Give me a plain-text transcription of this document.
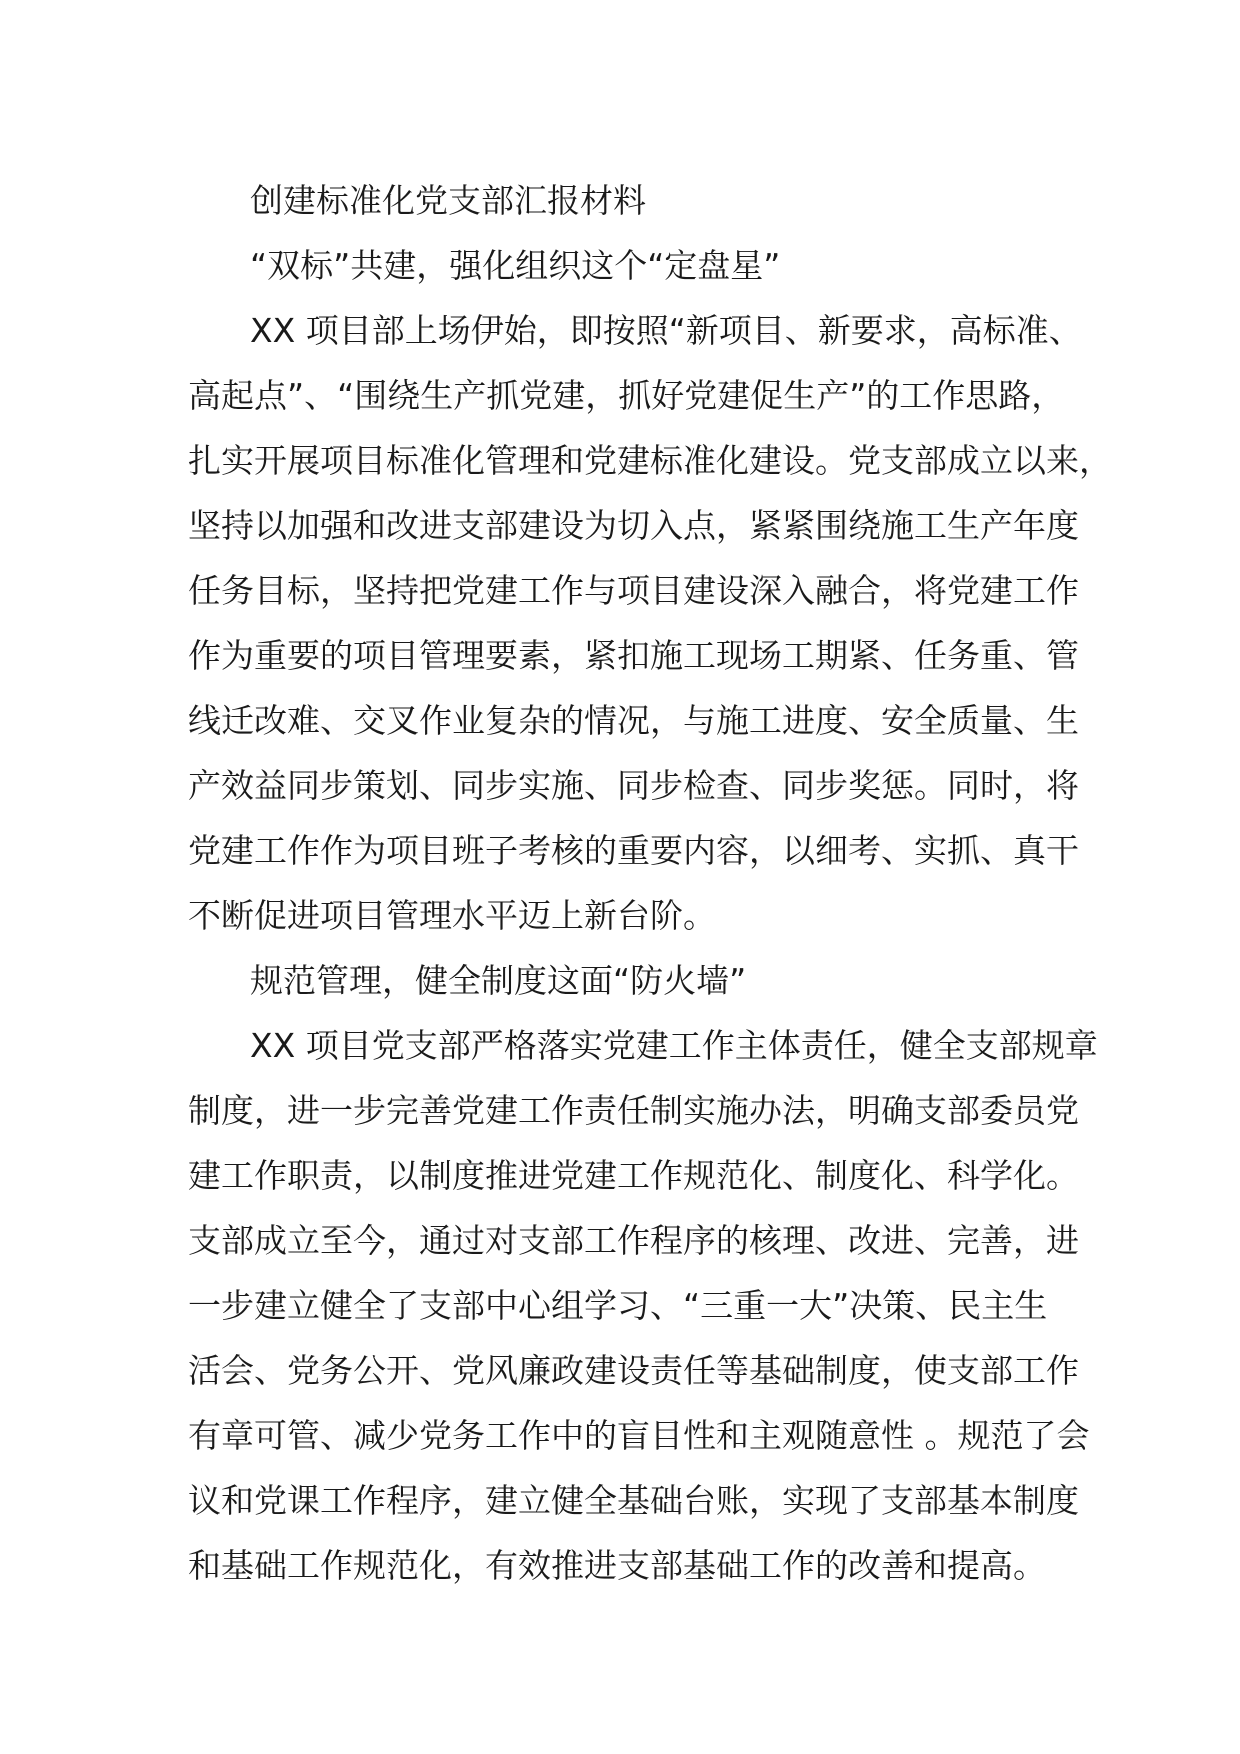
创建标准化党支部汇报材料
“双标”共建，强化组织这个“定盘星”
XX 项目部上场伊始，即按照“新项目、新要求，高标准、
高起点”、“围绕生产抓党建，抓好党建促生产”的工作思路，
扎实开展项目标准化管理和党建标准化建设。党支部成立以来，
坚持以加强和改进支部建设为切入点，紧紧围绕施工生产年度
任务目标，坚持把党建工作与项目建设深入融合，将党建工作
作为重要的项目管理要素，紧扣施工现场工期紧、任务重、管
线迁改难、交叉作业复杂的情况，与施工进度、安全质量、生
产效益同步策划、同步实施、同步检查、同步奖惩。同时，将
党建工作作为项目班子考核的重要内容，以细考、实抓、真干
不断促进项目管理水平迈上新台阶。
规范管理，健全制度这面“防火墙”
XX 项目党支部严格落实党建工作主体责任，健全支部规章
制度，进一步完善党建工作责任制实施办法，明确支部委员党
建工作职责，以制度推进党建工作规范化、制度化、科学化。
支部成立至今，通过对支部工作程序的核理、改进、完善，进
一步建立健全了支部中心组学习、“三重一大”决策、民主生
活会、党务公开、党风廉政建设责任等基础制度，使支部工作
有章可管、减少党务工作中的盲目性和主观随意性 。规范了会
议和党课工作程序，建立健全基础台账，实现了支部基本制度
和基础工作规范化，有效推进支部基础工作的改善和提高。
